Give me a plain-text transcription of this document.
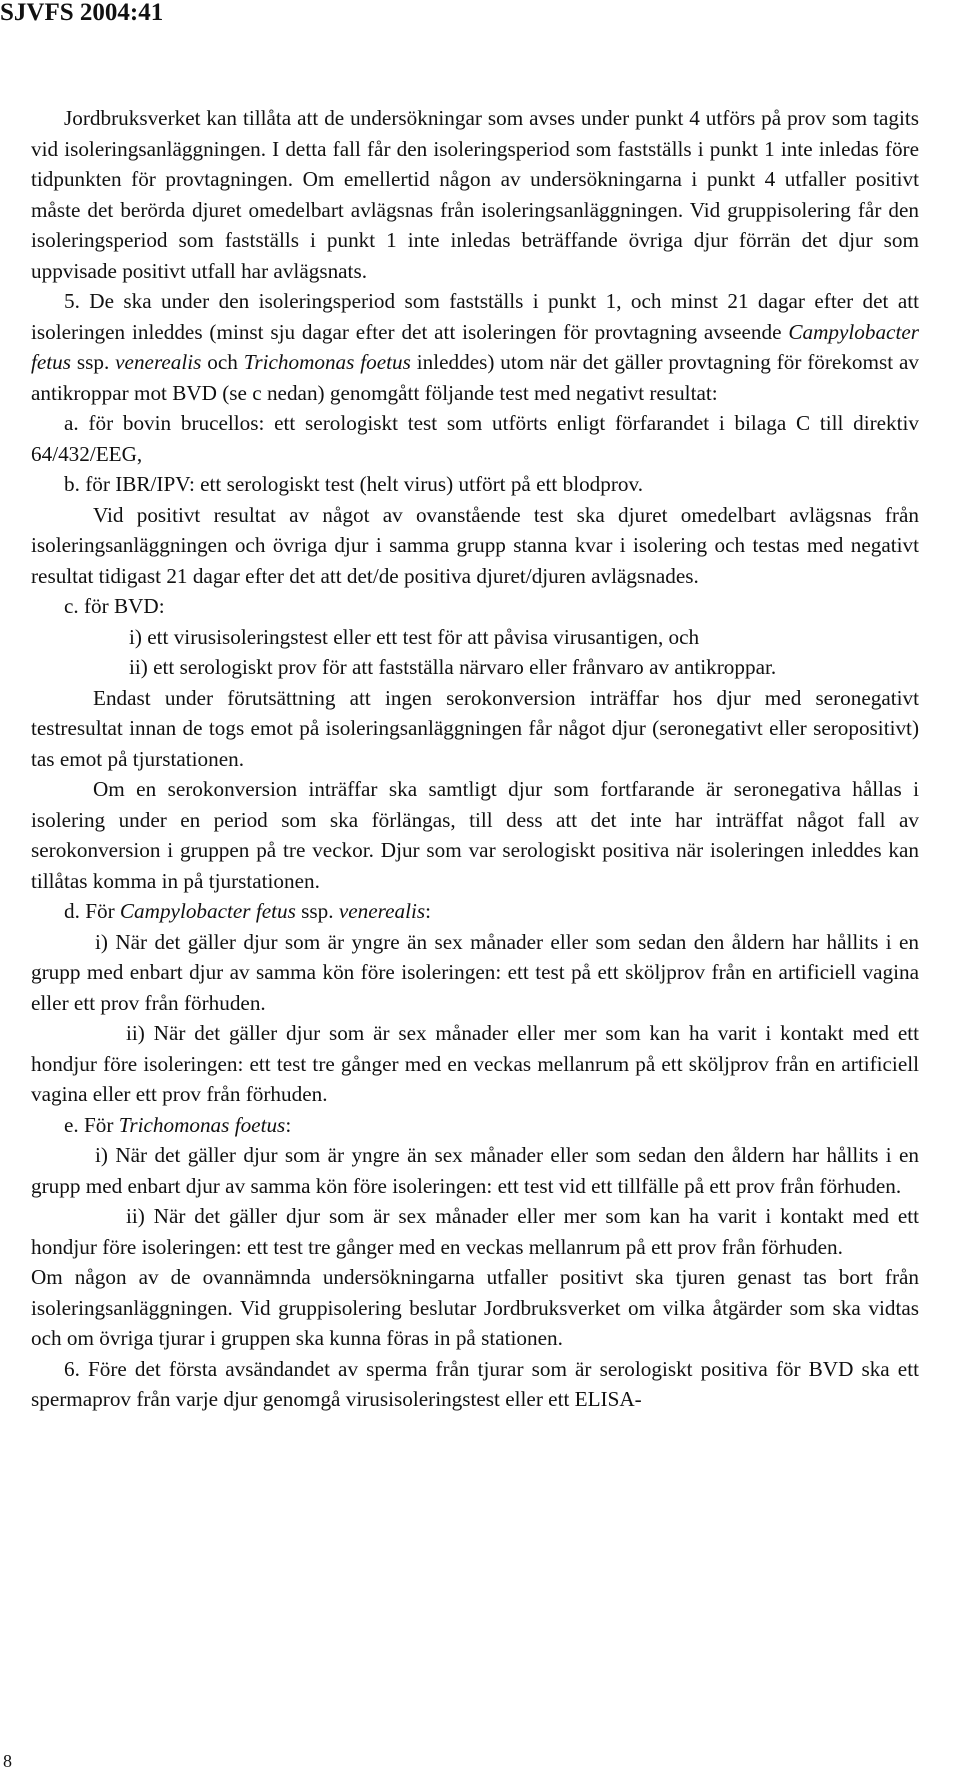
SJVFS 2004:41

Jordbruksverket kan tillåta att de undersökningar som avses under punkt 4 utförs på prov som tagits vid isoleringsanläggningen. I detta fall får den isoleringsperiod som fastställs i punkt 1 inte inledas före tidpunkten för provtagningen. Om emellertid någon av undersökningarna i punkt 4 utfaller positivt måste det berörda djuret omedelbart avlägsnas från isoleringsanläggningen. Vid gruppisolering får den isoleringsperiod som fastställs i punkt 1 inte inledas beträffande övriga djur förrän det djur som uppvisade positivt utfall har avlägsnats.

5. De ska under den isoleringsperiod som fastställs i punkt 1, och minst 21 dagar efter det att isoleringen inleddes (minst sju dagar efter det att isoleringen för provtagning avseende Campylobacter fetus ssp. venerealis och Trichomonas foetus inleddes) utom när det gäller provtagning för förekomst av antikroppar mot BVD (se c nedan) genomgått följande test med negativt resultat:

a. för bovin brucellos: ett serologiskt test som utförts enligt förfarandet i bilaga C till direktiv 64/432/EEG,

b. för IBR/IPV: ett serologiskt test (helt virus) utfört på ett blodprov.

Vid positivt resultat av något av ovanstående test ska djuret omedelbart avlägsnas från isoleringsanläggningen och övriga djur i samma grupp stanna kvar i isolering och testas med negativt resultat tidigast 21 dagar efter det att det/de positiva djuret/djuren avlägsnades.

c. för BVD:

i) ett virusisoleringstest eller ett test för att påvisa virusantigen, och

ii) ett serologiskt prov för att fastställa närvaro eller frånvaro av antikroppar.

Endast under förutsättning att ingen serokonversion inträffar hos djur med seronegativt testresultat innan de togs emot på isoleringsanläggningen får något djur (seronegativt eller seropositivt) tas emot på tjurstationen.

Om en serokonversion inträffar ska samtligt djur som fortfarande är seronegativa hållas i isolering under en period som ska förlängas, till dess att det inte har inträffat något fall av serokonversion i gruppen på tre veckor. Djur som var serologiskt positiva när isoleringen inleddes kan tillåtas komma in på tjurstationen.

d. För Campylobacter fetus ssp. venerealis:

i) När det gäller djur som är yngre än sex månader eller som sedan den åldern har hållits i en grupp med enbart djur av samma kön före isoleringen: ett test på ett sköljprov från en artificiell vagina eller ett prov från förhuden.

ii) När det gäller djur som är sex månader eller mer som kan ha varit i kontakt med ett hondjur före isoleringen: ett test tre gånger med en veckas mellanrum på ett sköljprov från en artificiell vagina eller ett prov från förhuden.

e. För Trichomonas foetus:

i) När det gäller djur som är yngre än sex månader eller som sedan den åldern har hållits i en grupp med enbart djur av samma kön före isoleringen: ett test vid ett tillfälle på ett prov från förhuden.

ii) När det gäller djur som är sex månader eller mer som kan ha varit i kontakt med ett hondjur före isoleringen: ett test tre gånger med en veckas mellanrum på ett prov från förhuden.

Om någon av de ovannämnda undersökningarna utfaller positivt ska tjuren genast tas bort från isoleringsanläggningen. Vid gruppisolering beslutar Jordbruksverket om vilka åtgärder som ska vidtas och om övriga tjurar i gruppen ska kunna föras in på stationen.

6. Före det första avsändandet av sperma från tjurar som är serologiskt positiva för BVD ska ett spermaprov från varje djur genomgå virusisoleringstest eller ett ELISA-

8
